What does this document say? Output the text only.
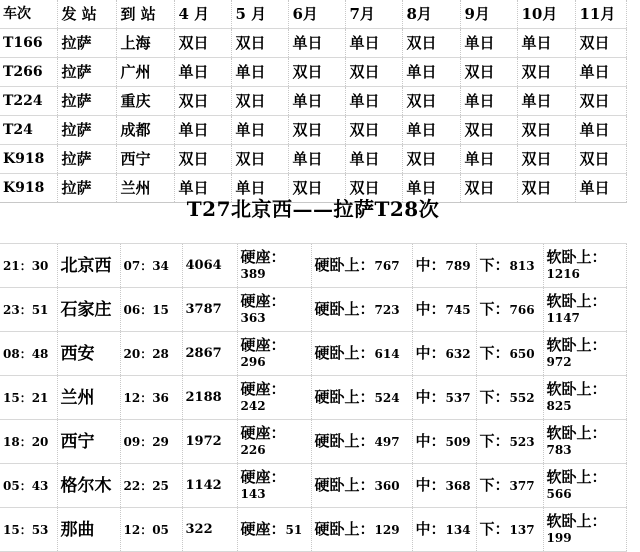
车次	发 站	到 站	4 月	5 月	6月	7月	8月	9月	10月	11月
T166	拉萨	上海	双日	双日	单日	单日	双日	单日	单日	双日
T266	拉萨	广州	单日	单日	双日	双日	单日	双日	双日	单日
T224	拉萨	重庆	双日	双日	单日	单日	双日	单日	单日	双日
T24	拉萨	成都	单日	单日	双日	双日	单日	双日	双日	单日
K918	拉萨	西宁	双日	双日	单日	单日	双日	单日	双日	双日
K918	拉萨	兰州	单日	单日	双日	双日	单日	双日	双日	单日
T27北京西——拉萨T28次
21：30	北京西	07：34	4064	硬座：
389	硬卧上：767	中：789	下：813	软卧上：
1216

23：51	石家庄	06：15	3787	硬座：
363	硬卧上：723	中：745	下：766	软卧上：
1147

08：48	西安	20：28	2867	硬座：
296	硬卧上：614	中：632	下：650	软卧上：
972

15：21	兰州	12：36	2188	硬座：
242	硬卧上：524	中：537	下：552	软卧上：
825

18：20	西宁	09：29	1972	硬座：
226	硬卧上：497	中：509	下：523	软卧上：
783

05：43	格尔木	22：25	1142	硬座：
143	硬卧上：360	中：368	下：377	软卧上：
566

15：53	那曲	12：05	322	硬座：51	硬卧上：129	中：134	下：137	软卧上：
199
